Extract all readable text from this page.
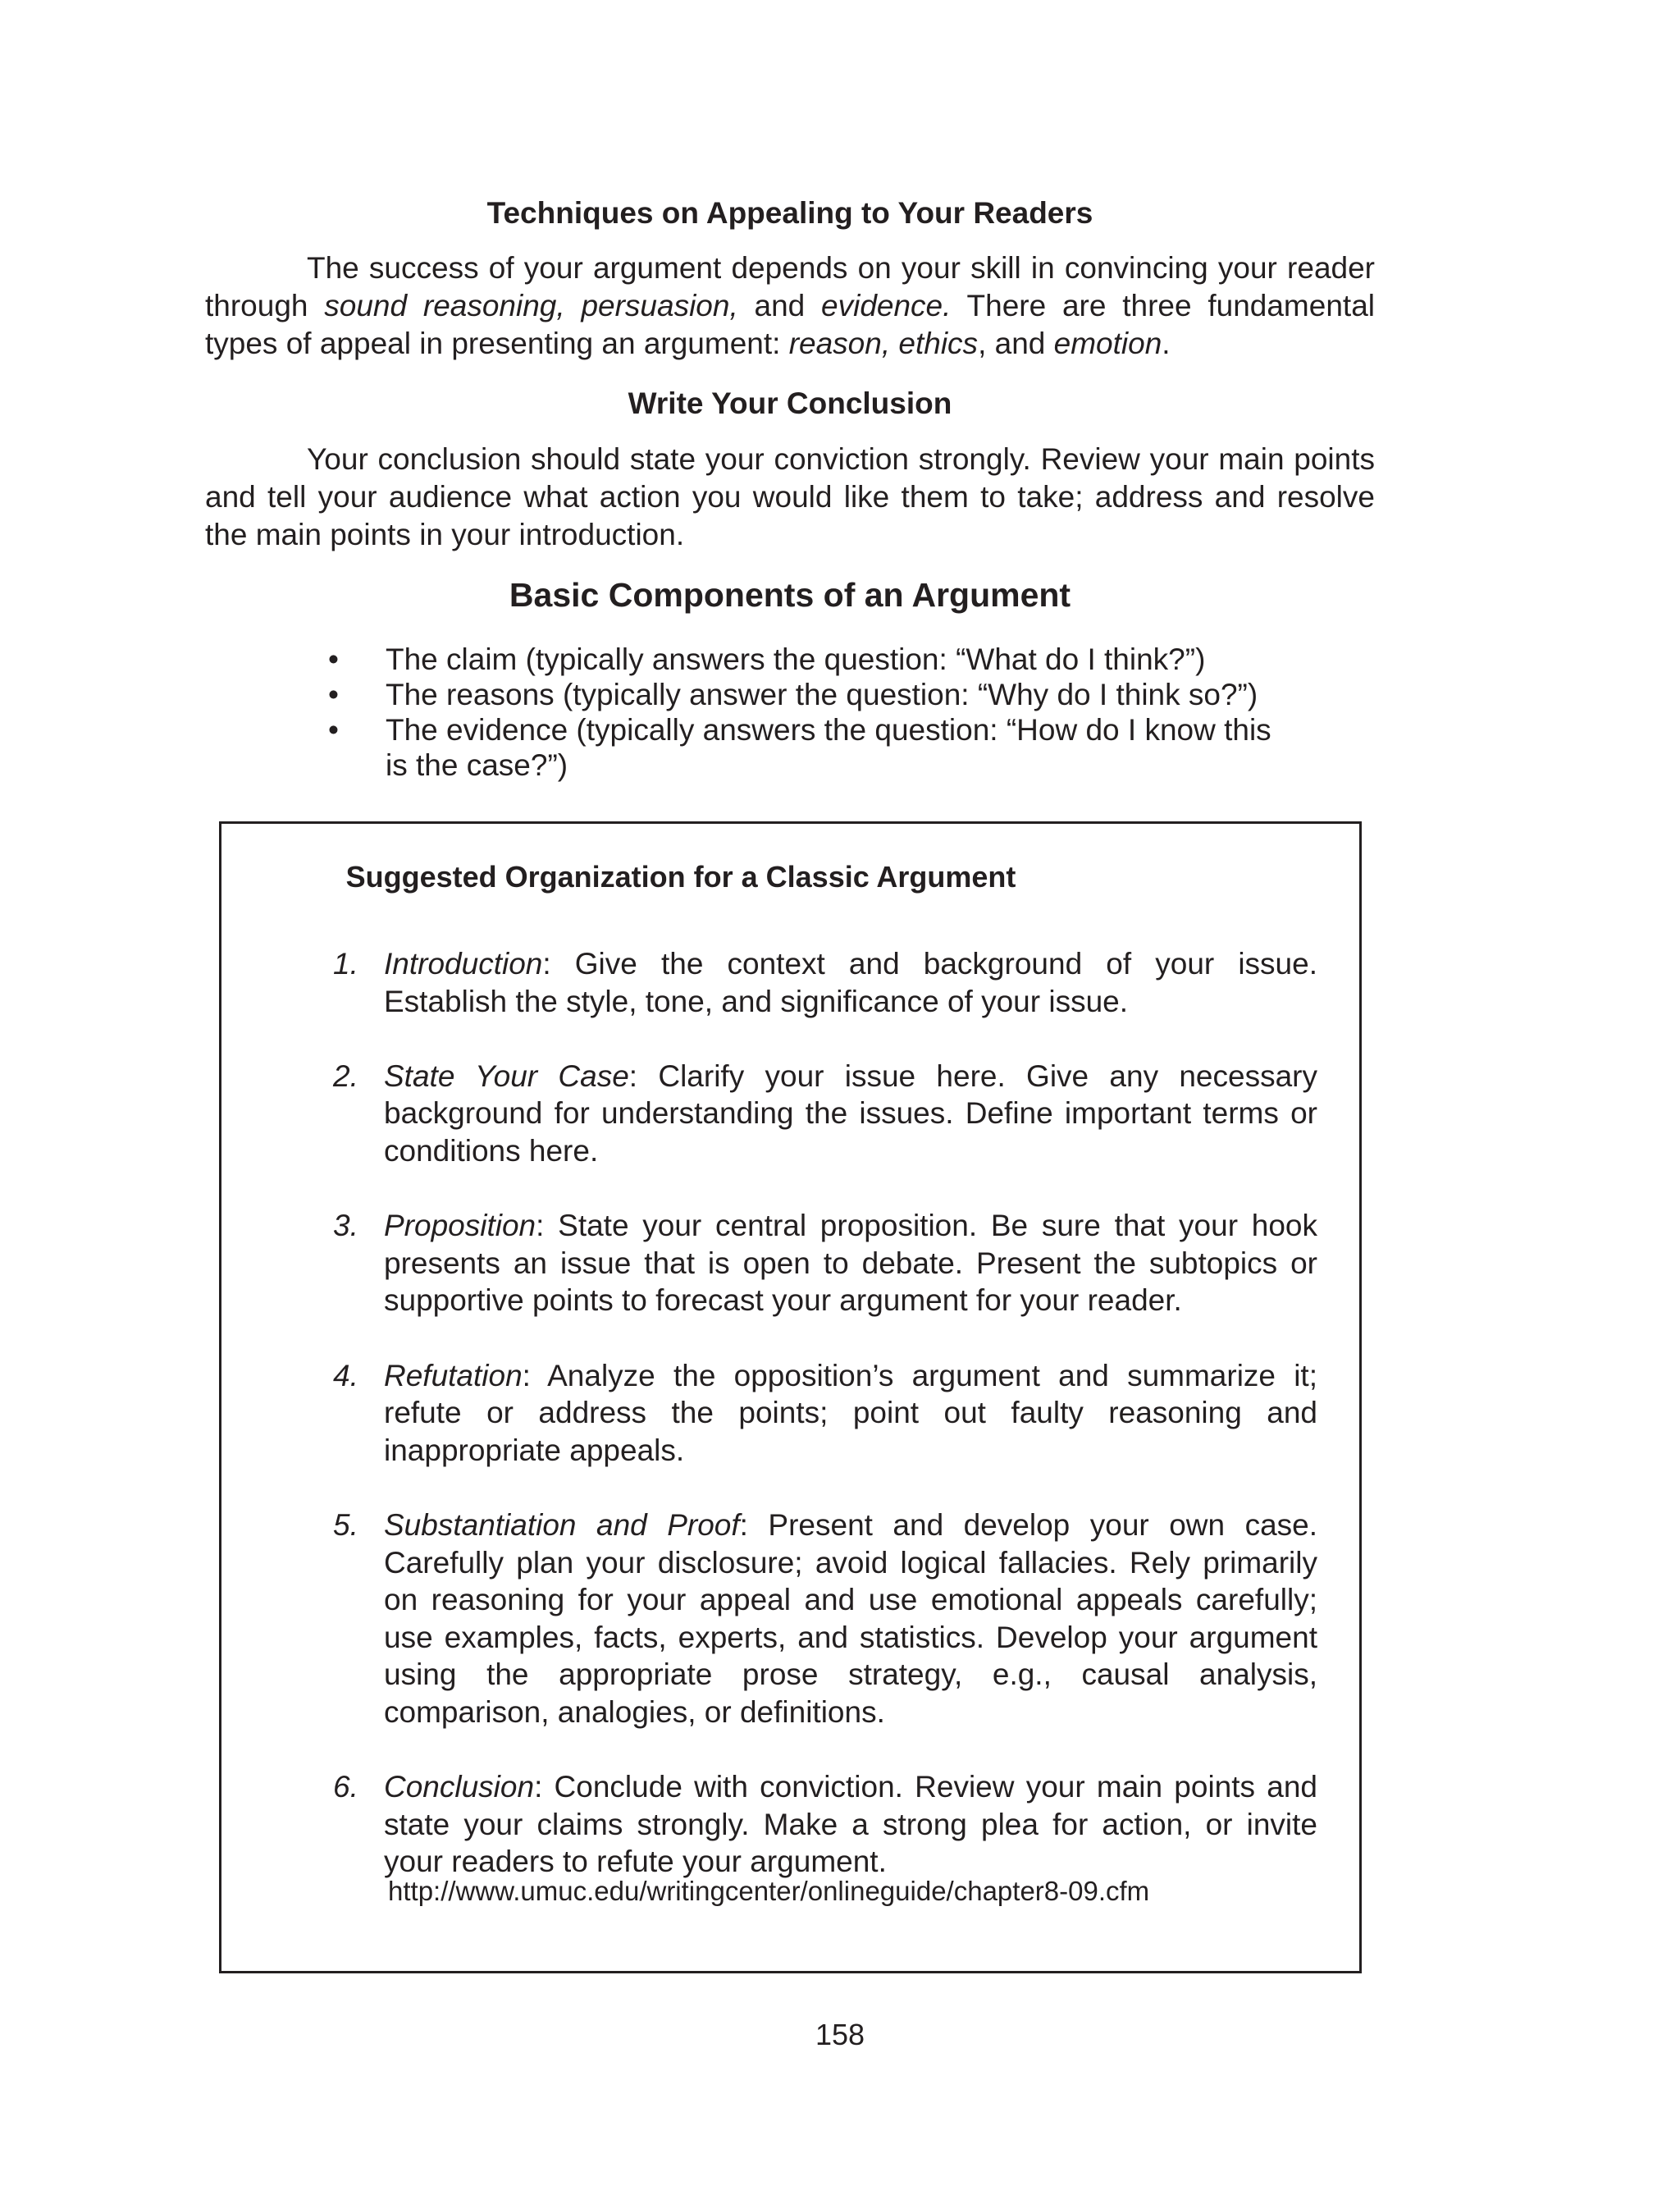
Techniques on Appealing to Your Readers

The success of your argument depends on your skill in convincing your reader through sound reasoning, persuasion, and evidence. There are three fundamental types of appeal in presenting an argument: reason, ethics, and emotion.

Write Your Conclusion

Your conclusion should state your conviction strongly. Review your main points and tell your audience what action you would like them to take; address and resolve the main points in your introduction.

Basic Components of an Argument
•	The claim (typically answers the question: “What do I think?”)
•	The reasons (typically answer the question: “Why do I think so?”)
•	The evidence (typically answers the question: “How do I know this is the case?”)
Suggested Organization for a Classic Argument
1. Introduction: Give the context and background of your issue. Establish the style, tone, and significance of your issue.
2. State Your Case: Clarify your issue here. Give any necessary background for understanding the issues. Define important terms or conditions here.
3. Proposition: State your central proposition. Be sure that your hook presents an issue that is open to debate. Present the subtopics or supportive points to forecast your argument for your reader.
4. Refutation: Analyze the opposition’s argument and summarize it; refute or address the points; point out faulty reasoning and inappropriate appeals.
5. Substantiation and Proof: Present and develop your own case. Carefully plan your disclosure; avoid logical fallacies. Rely primarily on reasoning for your appeal and use emotional appeals carefully; use examples, facts, experts, and statistics. Develop your argument using the appropriate prose strategy, e.g., causal analysis, comparison, analogies, or definitions.
6. Conclusion: Conclude with conviction. Review your main points and state your claims strongly. Make a strong plea for action, or invite your readers to refute your argument.
http://www.umuc.edu/writingcenter/onlineguide/chapter8-09.cfm
158
